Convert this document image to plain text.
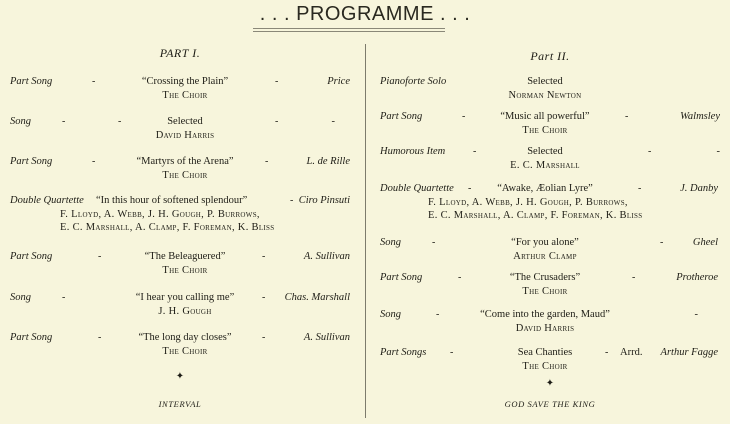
. . . PROGRAMME . . .
PART I.
Part Song	-	“Crossing the Plain”	-	Price
The Choir
Song	-	-	Selected	-	-
David Harris
Part Song	-	“Martyrs of the Arena”	-	L. de Rille
The Choir
Double Quartette “In this hour of softened splendour”	- Ciro Pinsuti
F. Lloyd, A. Webb, J. H. Gough, P. Burrows,
E. C. Marshall, A. Clamp, F. Foreman, K. Bliss
Part Song	-	“The Beleaguered”	-	A. Sullivan
The Choir
Song	-	“I hear you calling me”	-	Chas. Marshall
J. H. Gough
Part Song	-	“The long day closes”	-	A. Sullivan
The Choir
✦
INTERVAL
Part II.
Pianoforte Solo	Selected
Norman Newton
Part Song	-	“Music all powerful”	-	Walmsley
The Choir
Humorous Item	-	Selected	-	-
E. C. Marshall
Double Quartette -	“Awake, Æolian Lyre”	-	J. Danby
F. Lloyd, A. Webb, J. H. Gough, P. Burrows,
E. C. Marshall, A. Clamp, F. Foreman, K. Bliss
Song	-	“For you alone”	-	Gheel
Arthur Clamp
Part Song	-	“The Crusaders”	-	Protheroe
The Choir
Song	-	“Come into the garden, Maud”	-
David Harris
Part Songs -	Sea Chanties	- Arrd.	Arthur Fagge
The Choir
✦
GOD SAVE THE KING
